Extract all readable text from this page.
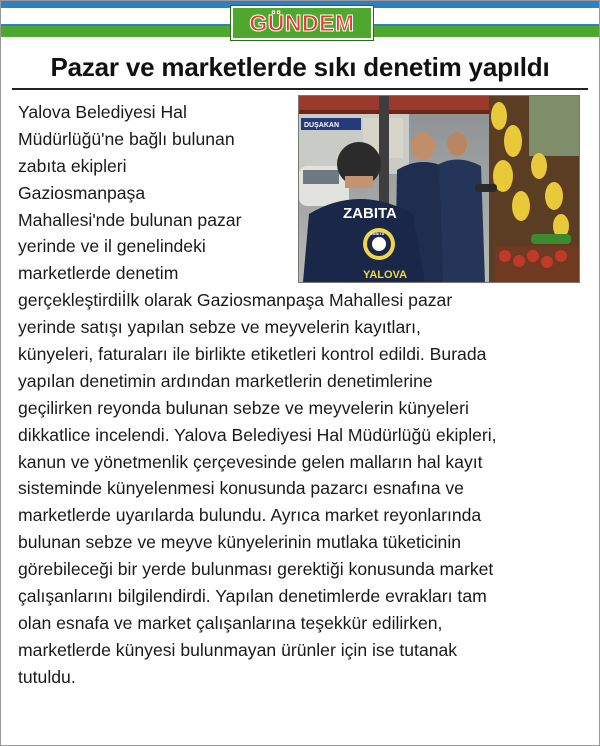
GÜNDEM
Pazar ve marketlerde sıkı denetim yapıldı
DUŞAKAN
ZABITA
ZABITA
YALOVA
Yalova Belediyesi Hal
Müdürlüğü'ne bağlı bulunan
zabıta ekipleri
Gaziosmanpaşa
Mahallesi'nde bulunan pazar
yerinde ve il genelindeki
marketlerde denetim
gerçekleştirdiİlk olarak Gaziosmanpaşa Mahallesi pazar
yerinde satışı yapılan sebze ve meyvelerin kayıtları,
künyeleri, faturaları ile birlikte etiketleri kontrol edildi. Burada
yapılan denetimin ardından marketlerin denetimlerine
geçilirken reyonda bulunan sebze ve meyvelerin künyeleri
dikkatlice incelendi. Yalova Belediyesi Hal Müdürlüğü ekipleri,
kanun ve yönetmenlik çerçevesinde gelen malların hal kayıt
sisteminde künyelenmesi konusunda pazarcı esnafına ve
marketlerde uyarılarda bulundu. Ayrıca market reyonlarında
bulunan sebze ve meyve künyelerinin mutlaka tüketicinin
görebileceği bir yerde bulunması gerektiği konusunda market
çalışanlarını bilgilendirdi. Yapılan denetimlerde evrakları tam
olan esnafa ve market çalışanlarına teşekkür edilirken,
marketlerde künyesi bulunmayan ürünler için ise tutanak
tutuldu.
